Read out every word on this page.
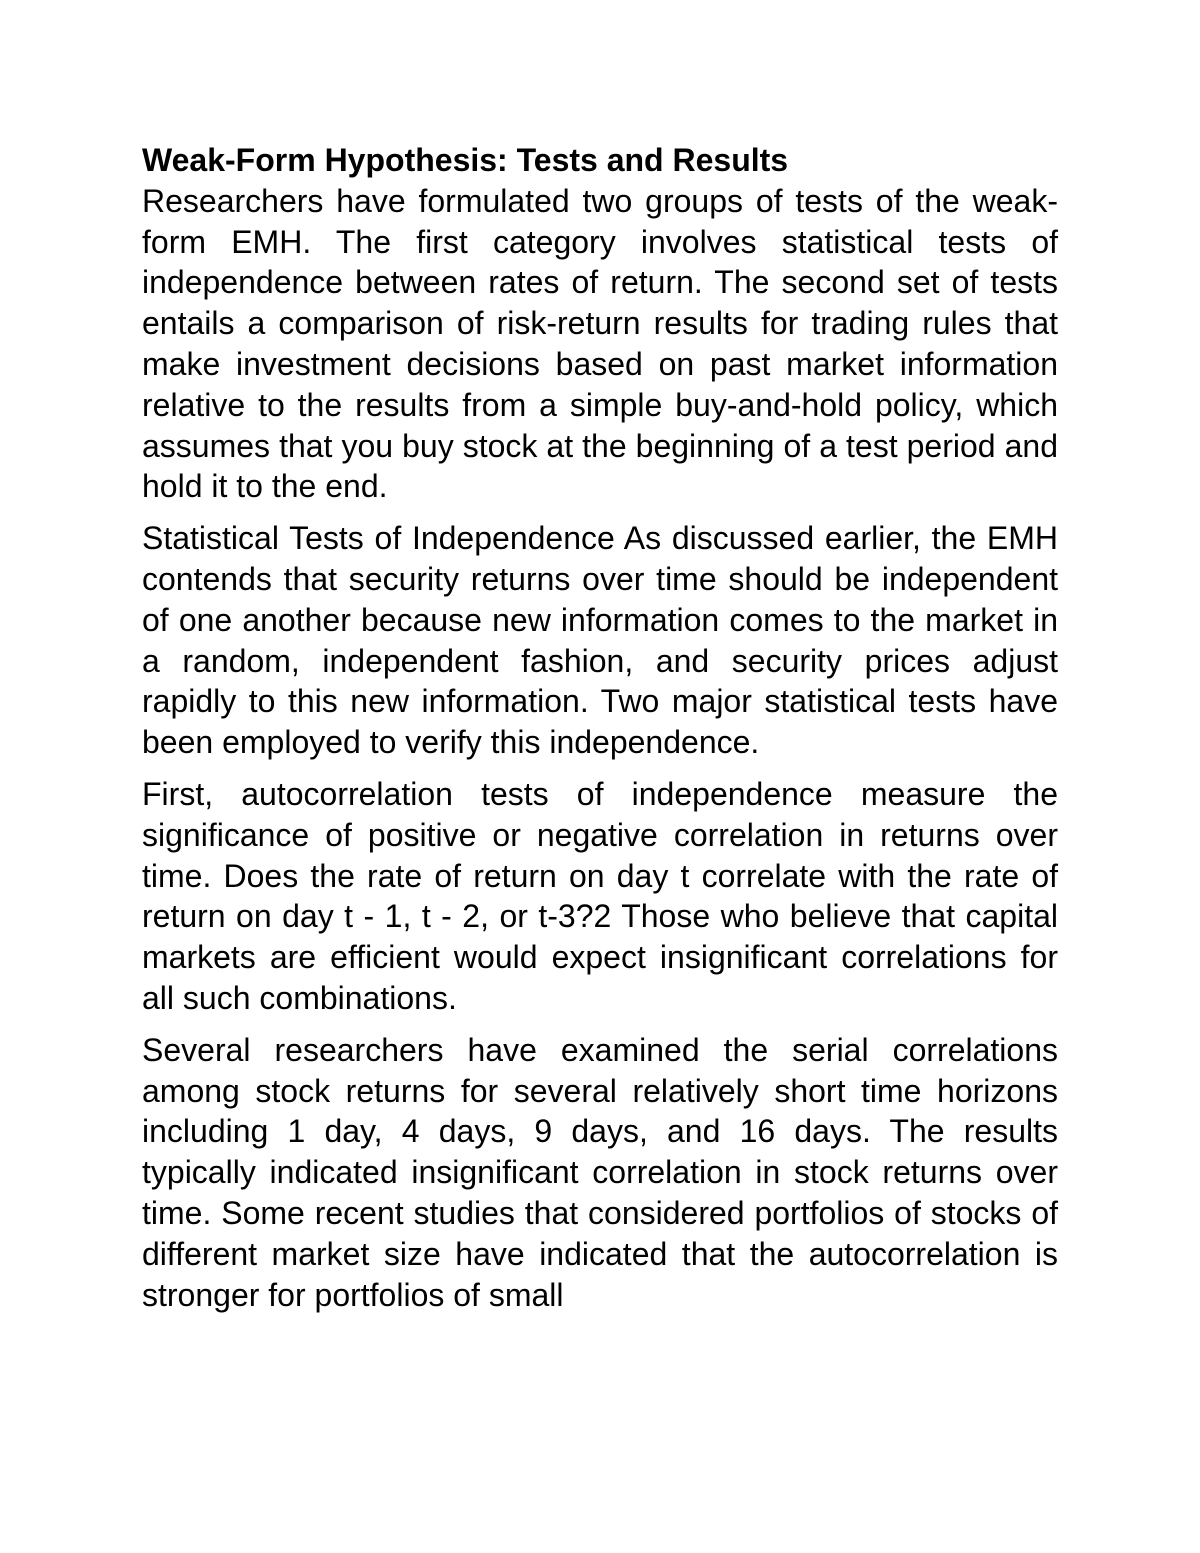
Weak-Form Hypothesis: Tests and Results

Researchers have formulated two groups of tests of the weak-form EMH. The first category involves statistical tests of independence between rates of return. The second set of tests entails a comparison of risk-return results for trading rules that make investment decisions based on past market information relative to the results from a simple buy-and-hold policy, which assumes that you buy stock at the beginning of a test period and hold it to the end.

Statistical Tests of Independence As discussed earlier, the EMH contends that security returns over time should be independent of one another because new information comes to the market in a random, independent fashion, and security prices adjust rapidly to this new information. Two major statistical tests have been employed to verify this independence.

First, autocorrelation tests of independence measure the significance of positive or negative correlation in returns over time. Does the rate of return on day t correlate with the rate of return on day t - 1, t - 2, or t-3?2 Those who believe that capital markets are efficient would expect insignificant correlations for all such combinations.

Several researchers have examined the serial correlations among stock returns for several relatively short time horizons including 1 day, 4 days, 9 days, and 16 days. The results typically indicated insignificant correlation in stock returns over time. Some recent studies that considered portfolios of stocks of different market size have indicated that the autocorrelation is stronger for portfolios of small
